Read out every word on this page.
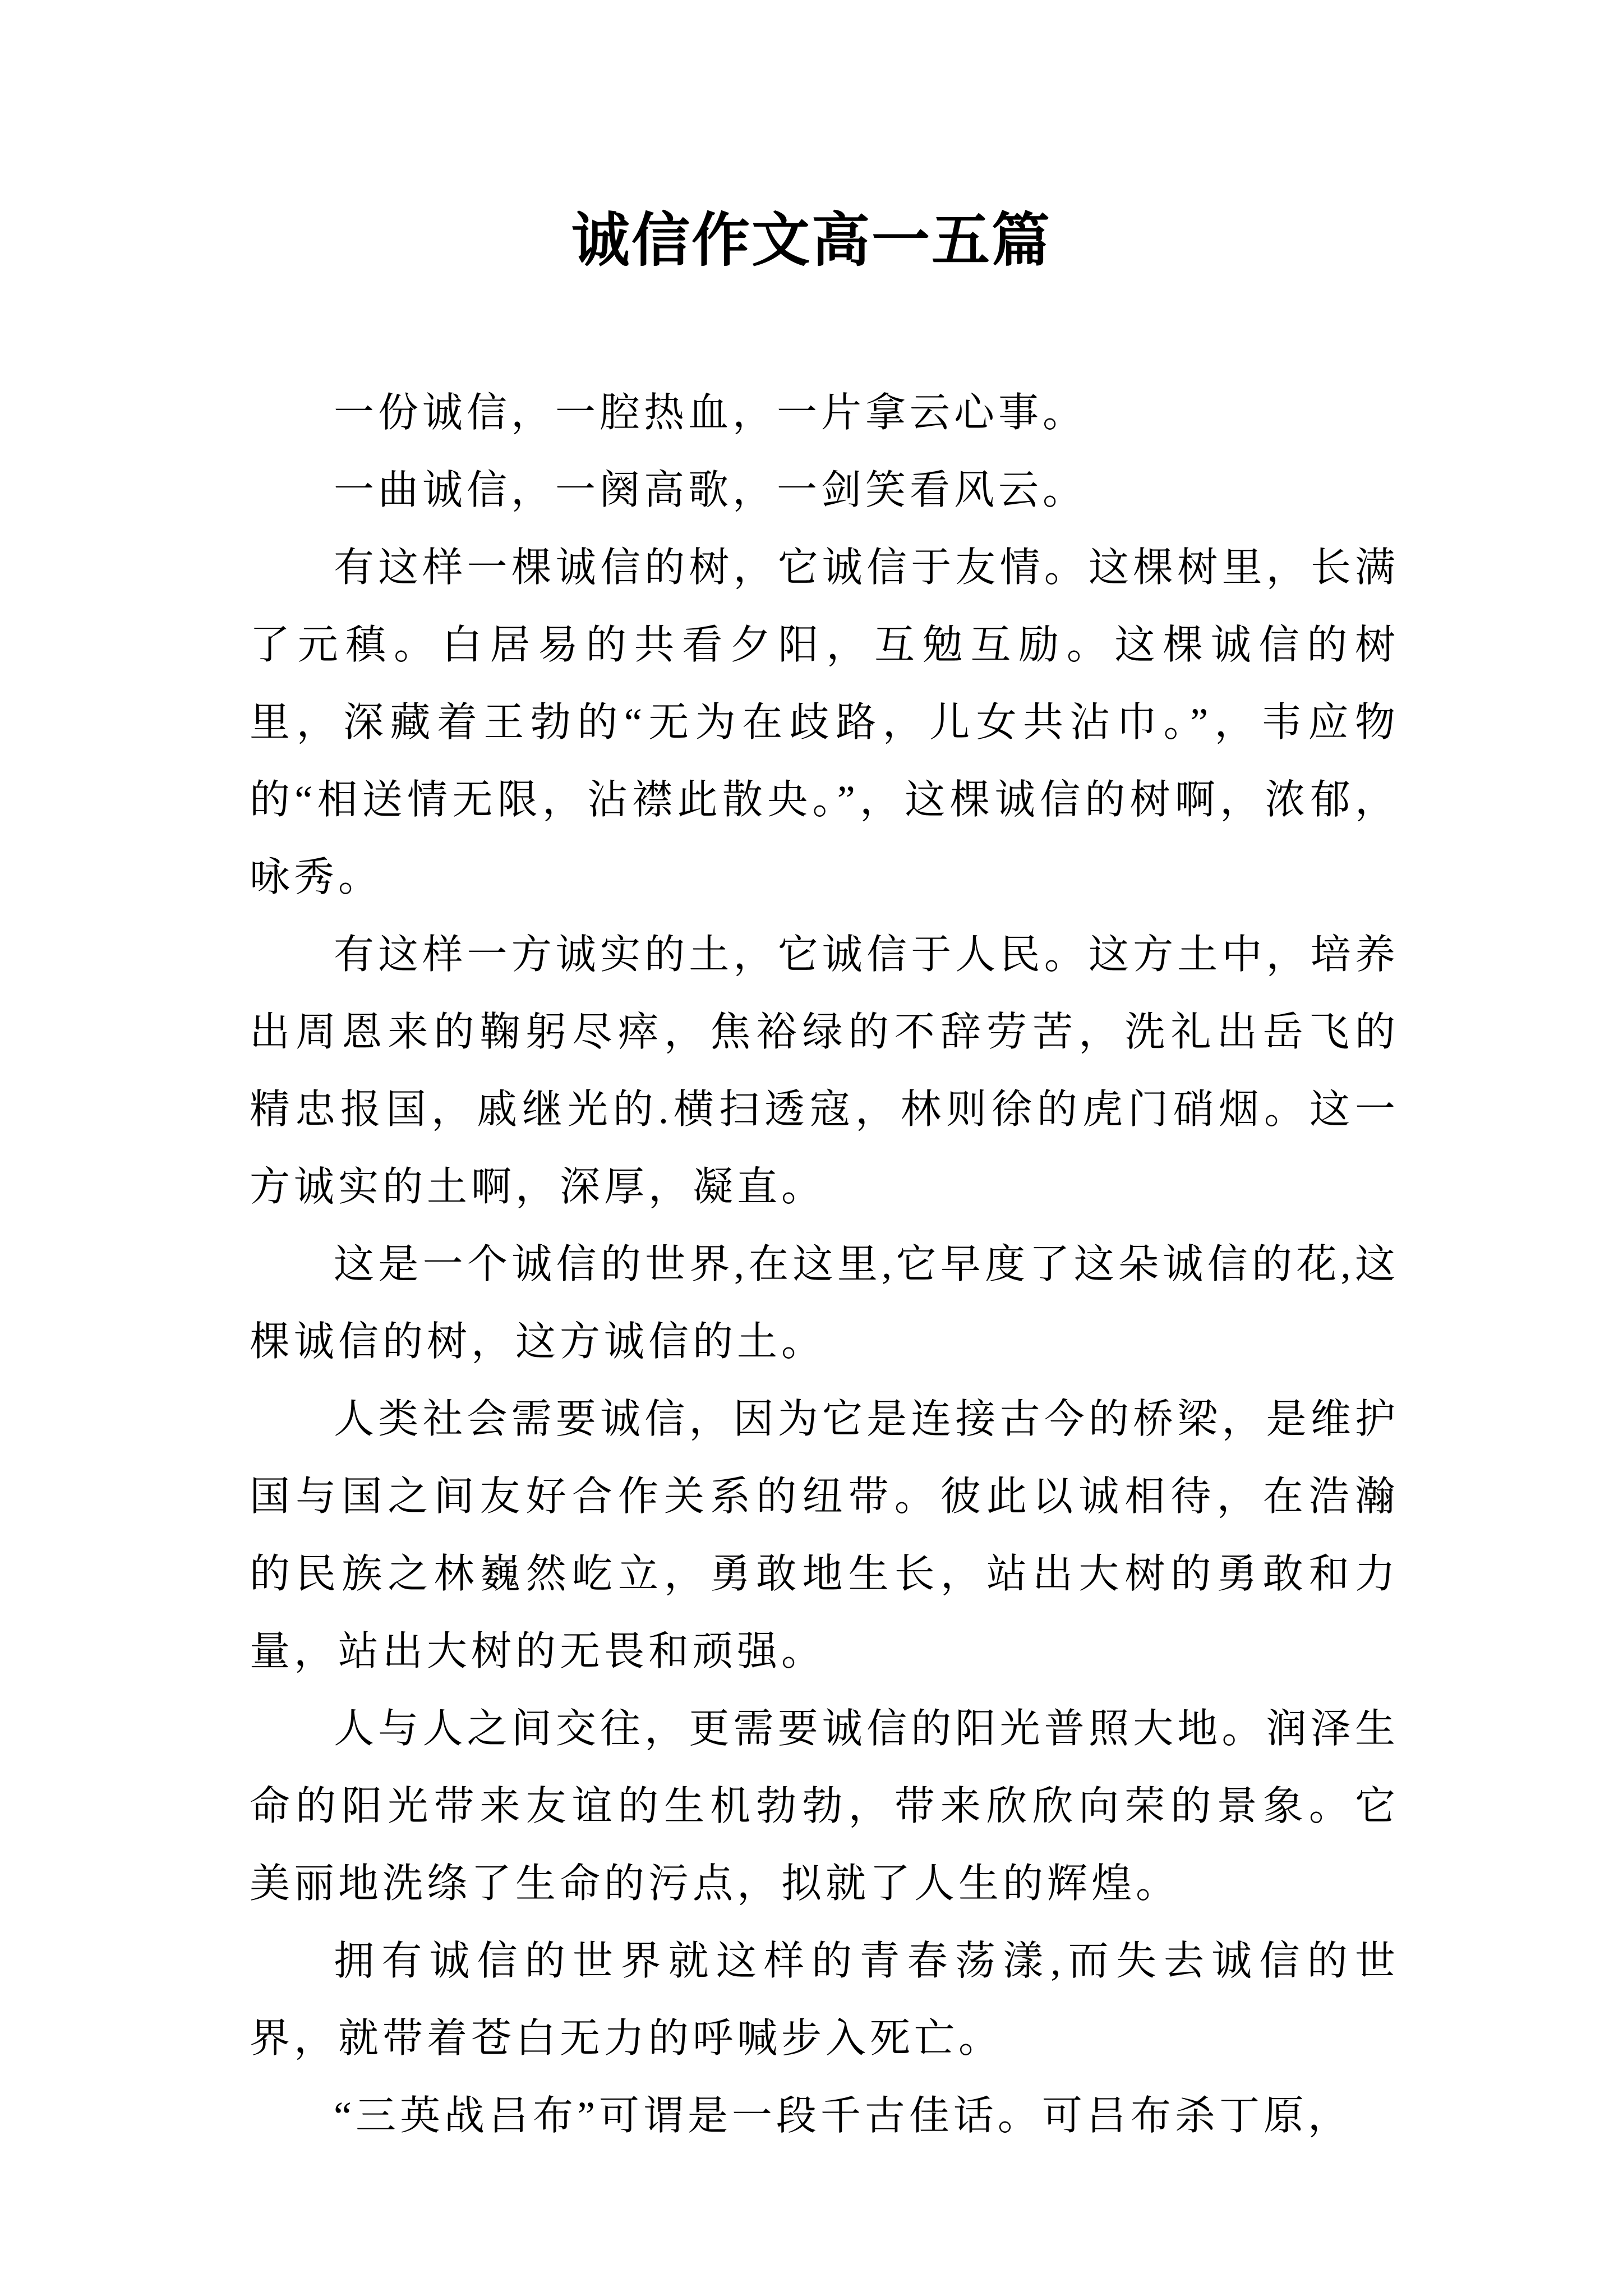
诚信作文高一五篇

一份诚信，一腔热血，一片拿云心事。

一曲诚信，一阕高歌，一剑笑看风云。

有这样一棵诚信的树，它诚信于友情。这棵树里，长满了元稹。白居易的共看夕阳，互勉互励。这棵诚信的树里，深藏着王勃的“无为在歧路，儿女共沾巾。”，韦应物的“相送情无限，沾襟此散央。”，这棵诚信的树啊，浓郁，咏秀。

有这样一方诚实的土，它诚信于人民。这方土中，培养出周恩来的鞠躬尽瘁，焦裕绿的不辞劳苦，洗礼出岳飞的精忠报国，戚继光的.横扫透寇，林则徐的虎门硝烟。这一方诚实的土啊，深厚，凝直。

这是一个诚信的世界,在这里,它早度了这朵诚信的花,这棵诚信的树，这方诚信的土。

人类社会需要诚信，因为它是连接古今的桥梁，是维护国与国之间友好合作关系的纽带。彼此以诚相待，在浩瀚的民族之林巍然屹立，勇敢地生长，站出大树的勇敢和力量，站出大树的无畏和顽强。

人与人之间交往，更需要诚信的阳光普照大地。润泽生命的阳光带来友谊的生机勃勃，带来欣欣向荣的景象。它美丽地洗绦了生命的污点，拟就了人生的辉煌。

拥有诚信的世界就这样的青春荡漾,而失去诚信的世界，就带着苍白无力的呼喊步入死亡。

“三英战吕布”可谓是一段千古佳话。可吕布杀丁原，
